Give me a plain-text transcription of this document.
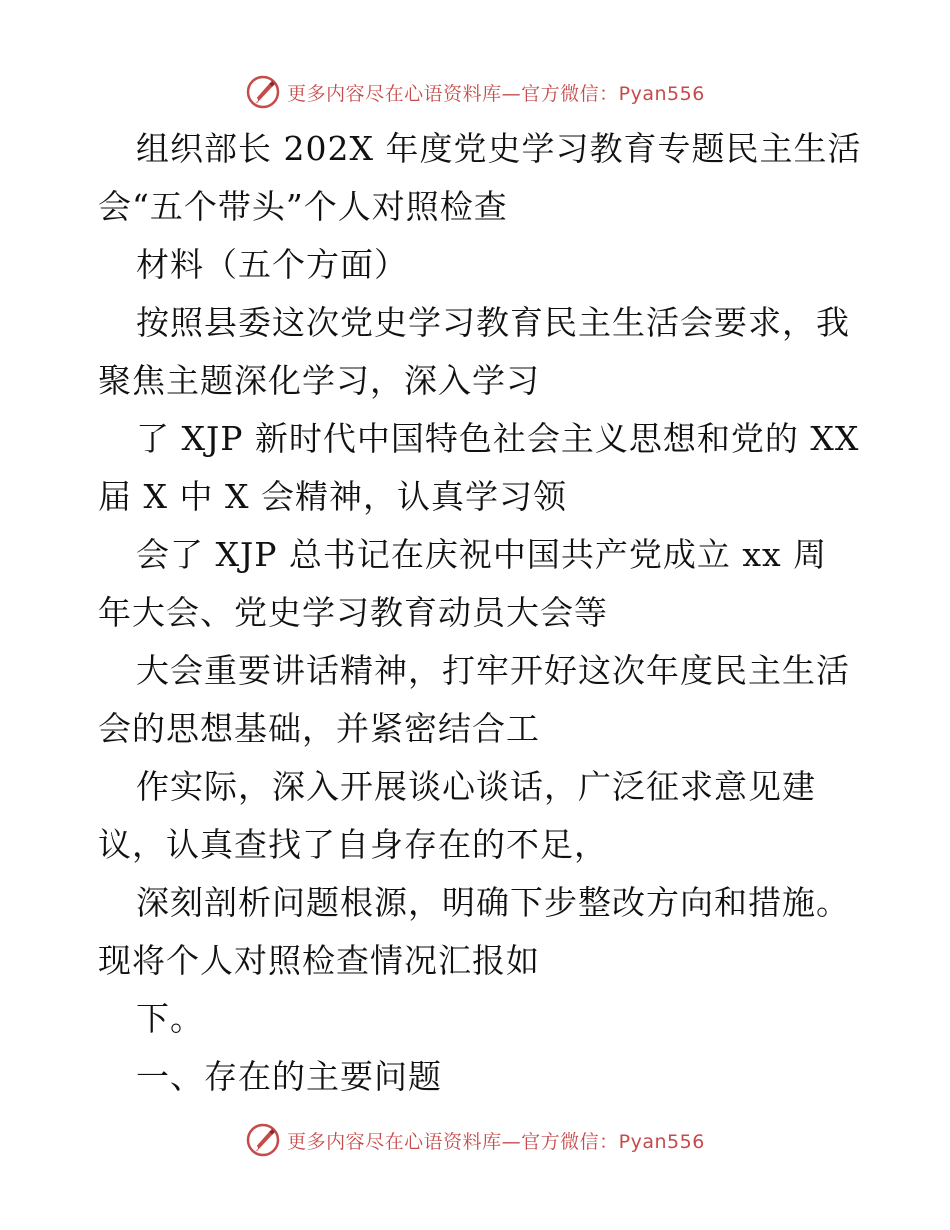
更多内容尽在心语资料库—官方微信：Pyan556
组织部长 202X 年度党史学习教育专题民主生活
会“五个带头”个人对照检查
材料（五个方面）
按照县委这次党史学习教育民主生活会要求，我
聚焦主题深化学习，深入学习
了 XJP 新时代中国特色社会主义思想和党的 XX
届 X 中 X 会精神，认真学习领
会了 XJP 总书记在庆祝中国共产党成立 xx 周
年大会、党史学习教育动员大会等
大会重要讲话精神，打牢开好这次年度民主生活
会的思想基础，并紧密结合工
作实际，深入开展谈心谈话，广泛征求意见建
议，认真查找了自身存在的不足，
深刻剖析问题根源，明确下步整改方向和措施。
现将个人对照检查情况汇报如
下。
一、存在的主要问题
更多内容尽在心语资料库—官方微信：Pyan556
